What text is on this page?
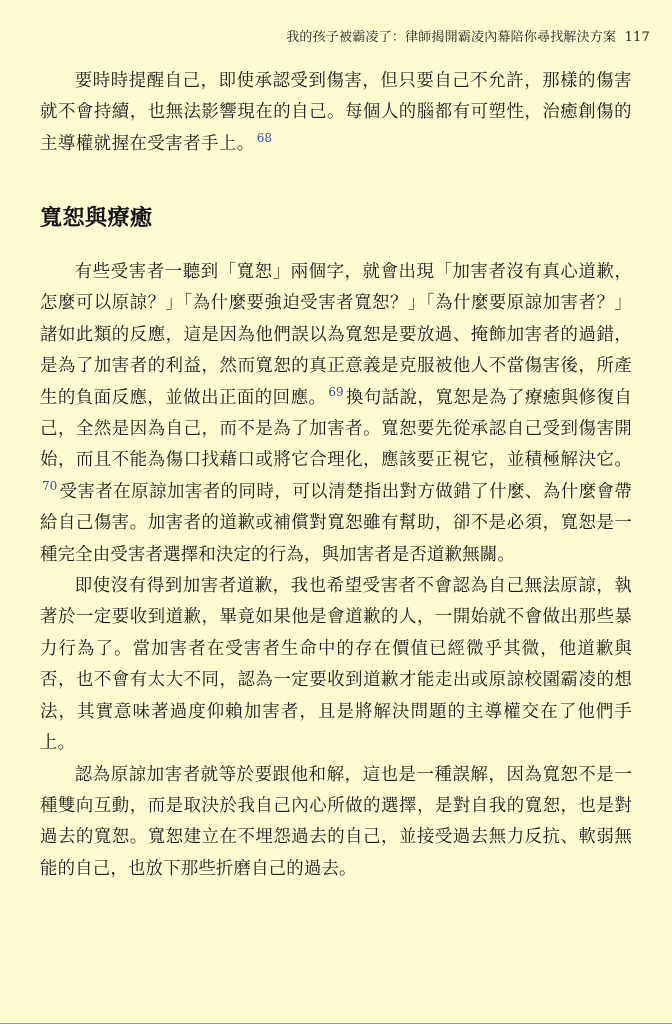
我的孩子被霸凌了：律師揭開霸凌內幕陪你尋找解決方案 117

要時時提醒自己，即使承認受到傷害，但只要自己不允許，那樣的傷害就不會持續，也無法影響現在的自己。每個人的腦都有可塑性，治癒創傷的主導權就握在受害者手上。 $^{68}$

寬恕與療癒

有些受害者一聽到「寬恕」兩個字，就會出現「加害者沒有真心道歉，怎麼可以原諒？」「為什麼要強迫受害者寬恕？」「為什麼要原諒加害者？」諸如此類的反應，這是因為他們誤以為寬恕是要放過、掩飾加害者的過錯，是為了加害者的利益，然而寬恕的真正意義是克服被他人不當傷害後，所產生的負面反應，並做出正面的回應。 $^{69}$ 換句話說，寬恕是為了療癒與修復自己，全然是因為自己，而不是為了加害者。寬恕要先從承認自己受到傷害開始，而且不能為傷口找藉口或將它合理化，應該要正視它，並積極解決它。$^{70}$ 受害者在原諒加害者的同時，可以清楚指出對方做錯了什麼、為什麼會帶給自己傷害。加害者的道歉或補償對寬恕雖有幫助，卻不是必須，寬恕是一種完全由受害者選擇和決定的行為，與加害者是否道歉無關。

即使沒有得到加害者道歉，我也希望受害者不會認為自己無法原諒，執著於一定要收到道歉，畢竟如果他是會道歉的人，一開始就不會做出那些暴力行為了。當加害者在受害者生命中的存在價值已經微乎其微，他道歉與否，也不會有太大不同，認為一定要收到道歉才能走出或原諒校園霸凌的想法，其實意味著過度仰賴加害者，且是將解決問題的主導權交在了他們手上。

認為原諒加害者就等於要跟他和解，這也是一種誤解，因為寬恕不是一種雙向互動，而是取決於我自己內心所做的選擇，是對自我的寬恕，也是對過去的寬恕。寬恕建立在不埋怨過去的自己，並接受過去無力反抗、軟弱無能的自己，也放下那些折磨自己的過去。
